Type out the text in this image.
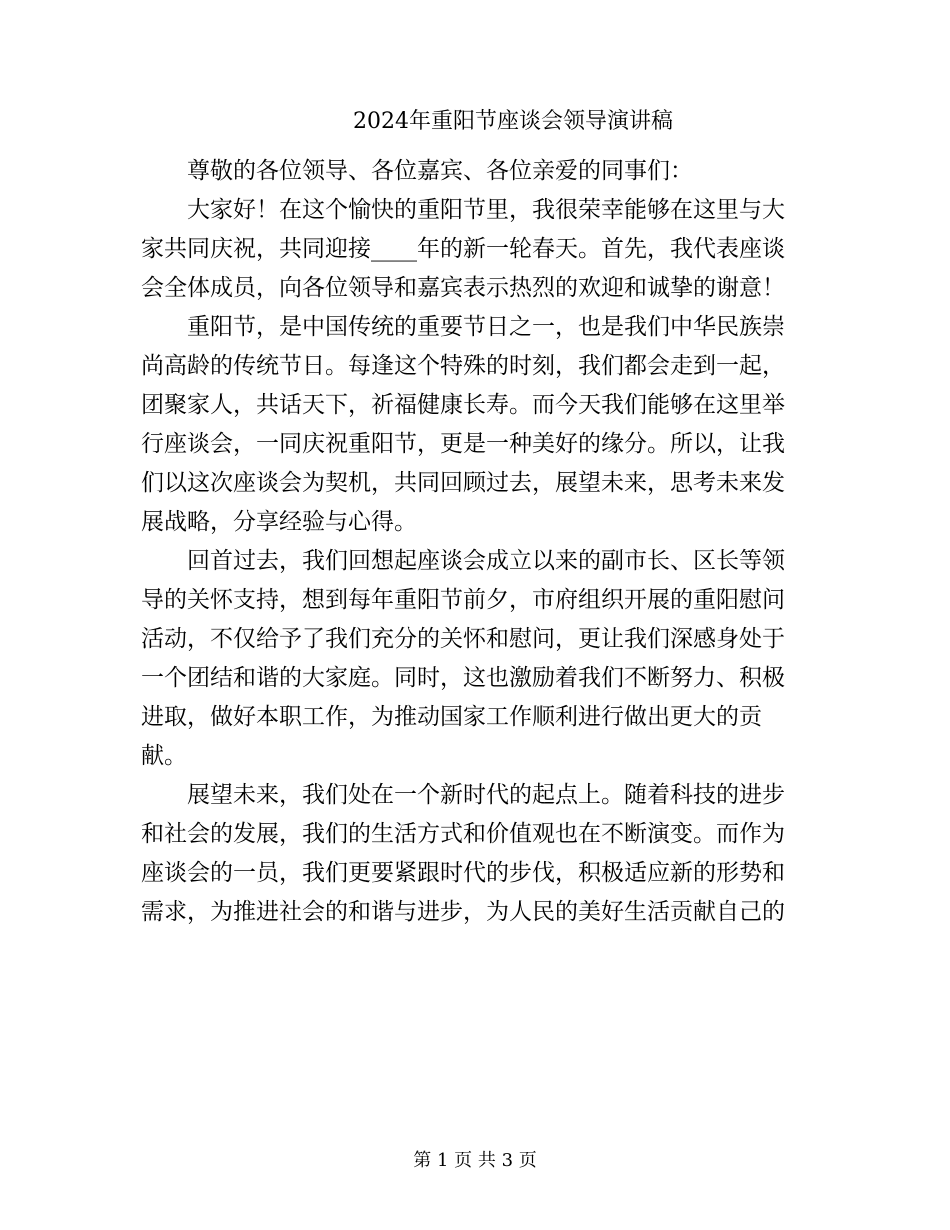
2024年重阳节座谈会领导演讲稿

尊敬的各位领导、各位嘉宾、各位亲爱的同事们：

大家好！在这个愉快的重阳节里，我很荣幸能够在这里与大
家共同庆祝，共同迎接____年的新一轮春天。首先，我代表座谈
会全体成员，向各位领导和嘉宾表示热烈的欢迎和诚挚的谢意！

重阳节，是中国传统的重要节日之一，也是我们中华民族崇
尚高龄的传统节日。每逢这个特殊的时刻，我们都会走到一起，
团聚家人，共话天下，祈福健康长寿。而今天我们能够在这里举
行座谈会，一同庆祝重阳节，更是一种美好的缘分。所以，让我
们以这次座谈会为契机，共同回顾过去，展望未来，思考未来发
展战略，分享经验与心得。

回首过去，我们回想起座谈会成立以来的副市长、区长等领
导的关怀支持，想到每年重阳节前夕，市府组织开展的重阳慰问
活动，不仅给予了我们充分的关怀和慰问，更让我们深感身处于
一个团结和谐的大家庭。同时，这也激励着我们不断努力、积极
进取，做好本职工作，为推动国家工作顺利进行做出更大的贡
献。

展望未来，我们处在一个新时代的起点上。随着科技的进步
和社会的发展，我们的生活方式和价值观也在不断演变。而作为
座谈会的一员，我们更要紧跟时代的步伐，积极适应新的形势和
需求，为推进社会的和谐与进步，为人民的美好生活贡献自己的

第 1 页 共 3 页
